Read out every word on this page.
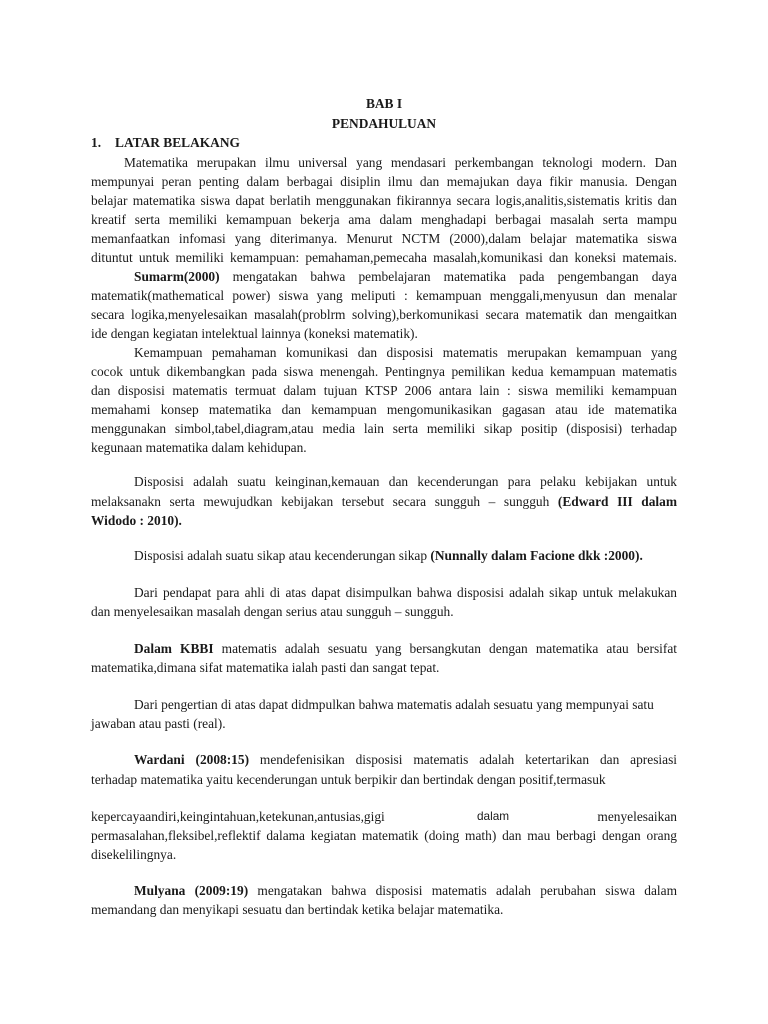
BAB I
PENDAHULUAN
1. LATAR BELAKANG
Matematika merupakan ilmu universal yang mendasari perkembangan teknologi modern. Dan
mempunyai peran penting dalam berbagai disiplin ilmu dan memajukan daya fikir manusia. Dengan
belajar matematika siswa dapat berlatih menggunakan fikirannya secara logis,analitis,sistematis kritis dan
kreatif serta memiliki kemampuan bekerja ama dalam menghadapi berbagai masalah serta mampu
memanfaatkan infomasi yang diterimanya. Menurut NCTM (2000),dalam belajar matematika siswa
dituntut untuk memiliki kemampuan: pemahaman,pemecaha masalah,komunikasi dan koneksi matemais.
Sumarm(2000) mengatakan bahwa pembelajaran matematika pada pengembangan daya
matematik(mathematical power) siswa yang meliputi : kemampuan menggali,menyusun dan menalar
secara logika,menyelesaikan masalah(problrm solving),berkomunikasi secara matematik dan mengaitkan
ide dengan kegiatan intelektual lainnya (koneksi matematik).
Kemampuan pemahaman komunikasi dan disposisi matematis merupakan kemampuan yang
cocok untuk dikembangkan pada siswa menengah. Pentingnya pemilikan kedua kemampuan matematis
dan disposisi matematis termuat dalam tujuan KTSP 2006 antara lain : siswa memiliki kemampuan
memahami konsep matematika dan kemampuan mengomunikasikan gagasan atau ide matematika
menggunakan simbol,tabel,diagram,atau media lain serta memiliki sikap positip (disposisi) terhadap
kegunaan matematika dalam kehidupan.
Disposisi adalah suatu keinginan,kemauan dan kecenderungan para pelaku kebijakan untuk
melaksanakn serta mewujudkan kebijakan tersebut secara sungguh – sungguh (Edward III dalam
Widodo : 2010).
Disposisi adalah suatu sikap atau kecenderungan sikap (Nunnally dalam Facione dkk :2000).
Dari pendapat para ahli di atas dapat disimpulkan bahwa disposisi adalah sikap untuk melakukan
dan menyelesaikan masalah dengan serius atau sungguh – sungguh.
Dalam KBBI matematis adalah sesuatu yang bersangkutan dengan matematika atau bersifat
matematika,dimana sifat matematika ialah pasti dan sangat tepat.
Dari pengertian di atas dapat didmpulkan bahwa matematis adalah sesuatu yang mempunyai satu
jawaban atau pasti (real).
Wardani (2008:15) mendefenisikan disposisi matematis adalah ketertarikan dan apresiasi
terhadap matematika yaitu kecenderungan untuk berpikir dan bertindak dengan positif,termasuk
kepercayaandiri,keingintahuan,ketekunan,antusias,gigi	dalam	menyelesaikan
permasalahan,fleksibel,reflektif dalama kegiatan matematik (doing math) dan mau berbagi dengan orang
disekelilingnya.
Mulyana (2009:19) mengatakan bahwa disposisi matematis adalah perubahan siswa dalam
memandang dan menyikapi sesuatu dan bertindak ketika belajar matematika.
